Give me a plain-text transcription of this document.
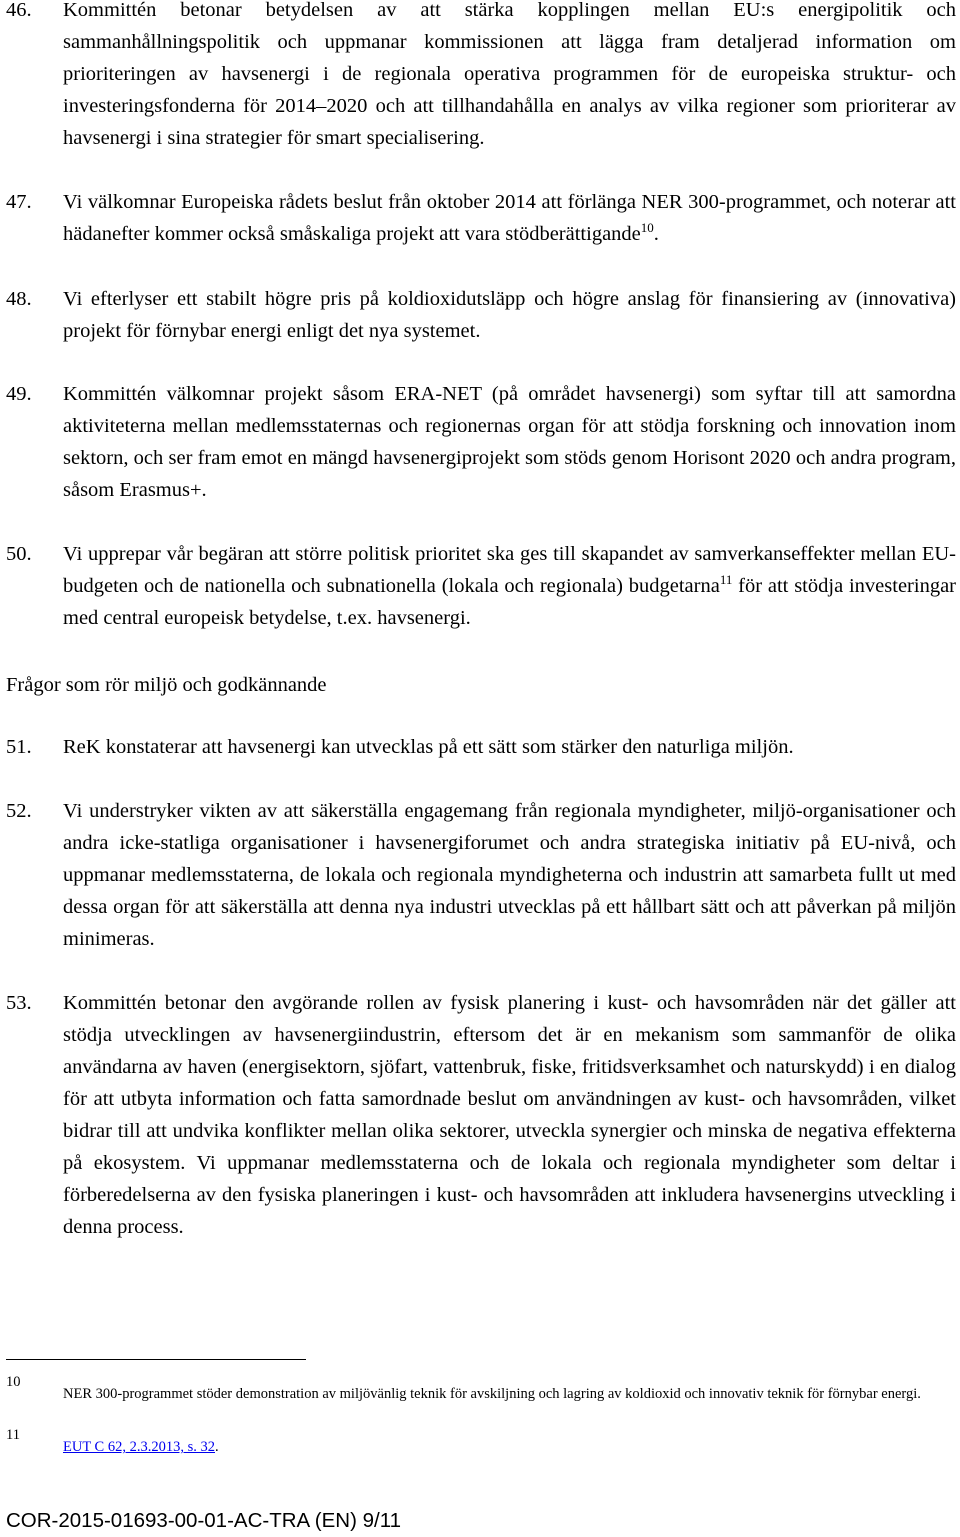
46. Kommittén betonar betydelsen av att stärka kopplingen mellan EU:s energipolitik och sammanhållningspolitik och uppmanar kommissionen att lägga fram detaljerad information om prioriteringen av havsenergi i de regionala operativa programmen för de europeiska struktur- och investeringsfonderna för 2014–2020 och att tillhandahålla en analys av vilka regioner som prioriterar av havsenergi i sina strategier för smart specialisering.
47. Vi välkomnar Europeiska rådets beslut från oktober 2014 att förlänga NER 300-programmet, och noterar att hädanefter kommer också småskaliga projekt att vara stödberättigande$^{10}$.
48. Vi efterlyser ett stabilt högre pris på koldioxidutsläpp och högre anslag för finansiering av (innovativa) projekt för förnybar energi enligt det nya systemet.
49. Kommittén välkomnar projekt såsom ERA-NET (på området havsenergi) som syftar till att samordna aktiviteterna mellan medlemsstaternas och regionernas organ för att stödja forskning och innovation inom sektorn, och ser fram emot en mängd havsenergiprojekt som stöds genom Horisont 2020 och andra program, såsom Erasmus+.
50. Vi upprepar vår begäran att större politisk prioritet ska ges till skapandet av samverkanseffekter mellan EU-budgeten och de nationella och subnationella (lokala och regionala) budgetarna$^{11}$ för att stödja investeringar med central europeisk betydelse, t.ex. havsenergi.
Frågor som rör miljö och godkännande
51. ReK konstaterar att havsenergi kan utvecklas på ett sätt som stärker den naturliga miljön.
52. Vi understryker vikten av att säkerställa engagemang från regionala myndigheter, miljö-organisationer och andra icke-statliga organisationer i havsenergiforumet och andra strategiska initiativ på EU-nivå, och uppmanar medlemsstaterna, de lokala och regionala myndigheterna och industrin att samarbeta fullt ut med dessa organ för att säkerställa att denna nya industri utvecklas på ett hållbart sätt och att påverkan på miljön minimeras.
53. Kommittén betonar den avgörande rollen av fysisk planering i kust- och havsområden när det gäller att stödja utvecklingen av havsenergiindustrin, eftersom det är en mekanism som sammanför de olika användarna av haven (energisektorn, sjöfart, vattenbruk, fiske, fritidsverksamhet och naturskydd) i en dialog för att utbyta information och fatta samordnade beslut om användningen av kust- och havsområden, vilket bidrar till att undvika konflikter mellan olika sektorer, utveckla synergier och minska de negativa effekterna på ekosystem. Vi uppmanar medlemsstaterna och de lokala och regionala myndigheter som deltar i förberedelserna av den fysiska planeringen i kust- och havsområden att inkludera havsenergins utveckling i denna process.
10
NER 300-programmet stöder demonstration av miljövänlig teknik för avskiljning och lagring av koldioxid och innovativ teknik för förnybar energi.
11
EUT C 62, 2.3.2013, s. 32.
COR-2015-01693-00-01-AC-TRA (EN) 9/11
